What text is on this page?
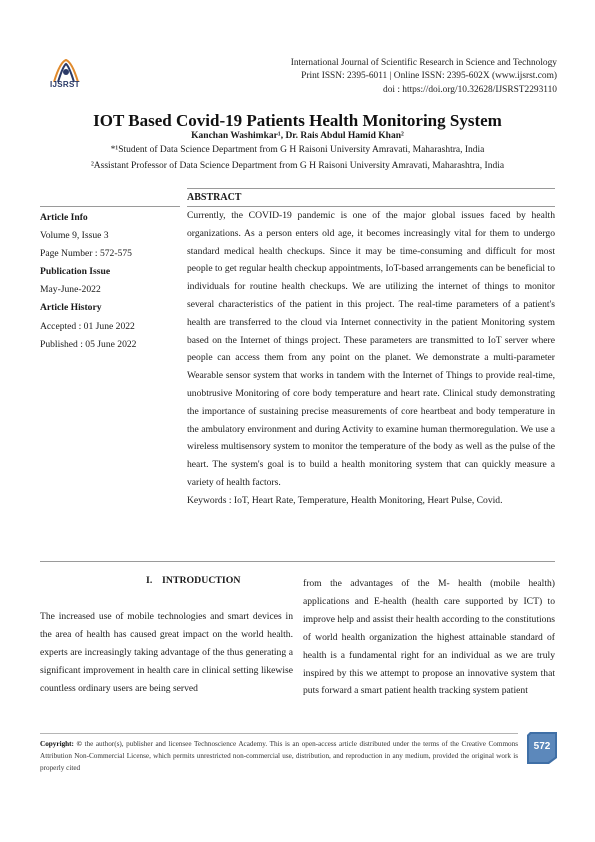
IJSRST
International Journal of Scientific Research in Science and Technology
Print ISSN: 2395-6011 | Online ISSN: 2395-602X (www.ijsrst.com)
doi : https://doi.org/10.32628/IJSRST2293110
IOT Based Covid-19 Patients Health Monitoring System
Kanchan Washimkar¹, Dr. Rais Abdul Hamid Khan²
*¹Student of Data Science Department from G H Raisoni University Amravati, Maharashtra, India
²Assistant Professor of Data Science Department from G H Raisoni University Amravati, Maharashtra, India
Article Info
Volume 9, Issue 3
Page Number : 572-575
Publication Issue
May-June-2022
Article History
Accepted : 01 June 2022
Published : 05 June 2022
ABSTRACT

Currently, the COVID-19 pandemic is one of the major global issues faced by health organizations. As a person enters old age, it becomes increasingly vital for them to undergo standard medical health checkups. Since it may be time-consuming and difficult for most people to get regular health checkup appointments, IoT-based arrangements can be beneficial to individuals for routine health checkups. We are utilizing the internet of things to monitor several characteristics of the patient in this project. The real-time parameters of a patient's health are transferred to the cloud via Internet connectivity in the patient Monitoring system based on the Internet of things project. These parameters are transmitted to IoT server where people can access them from any point on the planet. We demonstrate a multi-parameter Wearable sensor system that works in tandem with the Internet of Things to provide real-time, unobtrusive Monitoring of core body temperature and heart rate. Clinical study demonstrating the importance of sustaining precise measurements of core heartbeat and body temperature in the ambulatory environment and during Activity to examine human thermoregulation. We use a wireless multisensory system to monitor the temperature of the body as well as the pulse of the heart. The system's goal is to build a health monitoring system that can quickly measure a variety of health factors.

Keywords : IoT, Heart Rate, Temperature, Health Monitoring, Heart Pulse, Covid.

I.    INTRODUCTION

The increased use of mobile technologies and smart devices in the area of health has caused great impact on the world health. experts are increasingly taking advantage of the thus generating a significant improvement in health care in clinical setting likewise countless ordinary users are being served

from the advantages of the M- health (mobile health) applications and E-health (health care supported by ICT) to improve help and assist their health according to the constitutions of world health organization the highest attainable standard of health is a fundamental right for an individual as we are truly inspired by this we attempt to propose an innovative system that puts forward a smart patient health tracking system patient

Copyright: © the author(s), publisher and licensee Technoscience Academy. This is an open-access article distributed under the terms of the Creative Commons Attribution Non-Commercial License, which permits unrestricted non-commercial use, distribution, and reproduction in any medium, provided the original work is properly cited
572
